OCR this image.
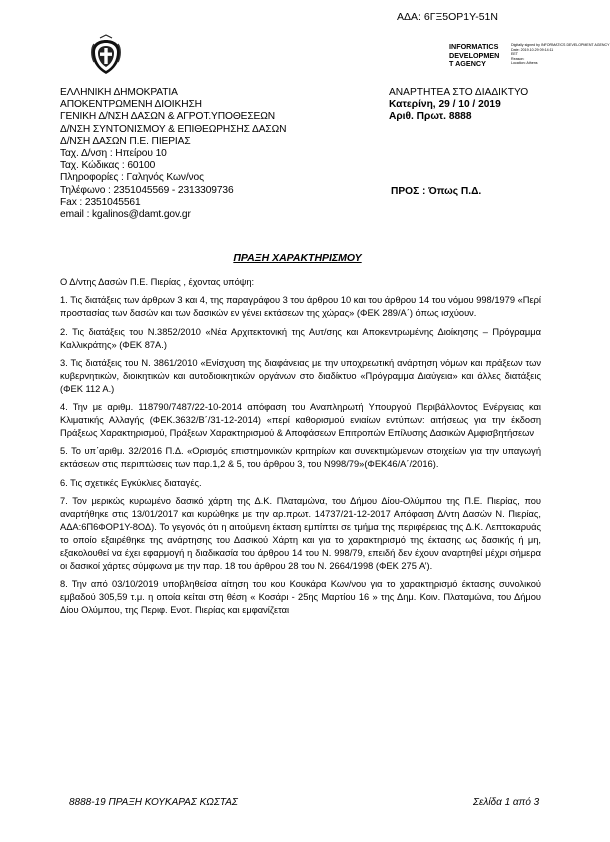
ΑΔΑ: 6ΓΞ5ΟΡ1Υ-51Ν
INFORMATICS
DEVELOPMEN
T AGENCY
Digitally signed by INFORMATICS DEVELOPMENT AGENCY
Date: 2019.10.29 09:14:11
EET
Reason:
Location: Athens
ΕΛΛΗΝΙΚΗ ΔΗΜΟΚΡΑΤΙΑ
ΑΠΟΚΕΝΤΡΩΜΕΝΗ ΔΙΟΙΚΗΣΗ
ΓΕΝΙΚΗ Δ/ΝΣΗ ΔΑΣΩΝ & ΑΓΡΟΤ.ΥΠΟΘΕΣΕΩΝ
Δ/ΝΣΗ ΣΥΝΤΟΝΙΣΜΟΥ & ΕΠΙΘΕΩΡΗΣΗΣ ΔΑΣΩΝ
Δ/ΝΣΗ ΔΑΣΩΝ Π.Ε. ΠΙΕΡΙΑΣ
Ταχ. Δ/νση : Ηπείρου 10
Ταχ. Κώδικας : 60100
Πληροφορίες : Γαληνός Κων/νος
Τηλέφωνο : 2351045569 - 2313309736
Fax : 2351045561
email : kgalinos@damt.gov.gr
ΑΝΑΡΤΗΤΕΑ ΣΤΟ ΔΙΑΔΙΚΤΥΟ
Κατερίνη, 29 / 10 / 2019
Αριθ. Πρωτ. 8888
ΠΡΟΣ : Όπως Π.Δ.
ΠΡΑΞΗ ΧΑΡΑΚΤΗΡΙΣΜΟΥ

Ο Δ/ντης Δασών Π.Ε. Πιερίας , έχοντας υπόψη:

1. Τις διατάξεις των άρθρων 3 και 4, της παραγράφου 3 του άρθρου 10 και του άρθρου 14 του νόμου 998/1979 «Περί προστασίας των δασών και των δασικών εν γένει εκτάσεων της χώρας» (ΦΕΚ 289/Α΄) όπως ισχύουν.

2. Τις διατάξεις του Ν.3852/2010 «Νέα Αρχιτεκτονική της Αυτ/σης και Αποκεντρωμένης Διοίκησης – Πρόγραμμα Καλλικράτης» (ΦΕΚ 87Α.)

3. Τις διατάξεις του Ν. 3861/2010 «Ενίσχυση της διαφάνειας με την υποχρεωτική ανάρτηση νόμων και πράξεων των κυβερνητικών, διοικητικών και αυτοδιοικητικών οργάνων στο διαδίκτυο «Πρόγραμμα Διαύγεια» και άλλες διατάξεις (ΦΕΚ 112 Α.)

4. Την με αριθμ. 118790/7487/22-10-2014 απόφαση του Αναπληρωτή Υπουργού Περιβάλλοντος Ενέργειας και Κλιματικής Αλλαγής (ΦΕΚ.3632/Β΄/31-12-2014) «περί καθορισμού ενιαίων εντύπων: αιτήσεως για την έκδοση Πράξεως Χαρακτηρισμού, Πράξεων Χαρακτηρισμού & Αποφάσεων Επιτροπών Επίλυσης Δασικών Αμφισβητήσεων

5. Το υπ΄αριθμ. 32/2016 Π.Δ. «Ορισμός επιστημονικών κριτηρίων και συνεκτιμώμενων στοιχείων για την υπαγωγή εκτάσεων στις περιπτώσεις των παρ.1,2 & 5, του άρθρου 3, του Ν998/79»(ΦΕΚ46/Α΄/2016).

6. Τις σχετικές Εγκύκλιες διαταγές.

7. Τον μερικώς κυρωμένο δασικό χάρτη της Δ.Κ. Πλαταμώνα, του Δήμου Δίου-Ολύμπου της Π.Ε. Πιερίας, που αναρτήθηκε στις 13/01/2017 και κυρώθηκε με την αρ.πρωτ. 14737/21-12-2017 Απόφαση Δ/ντη Δασών Ν. Πιερίας, ΑΔΑ:6Π6ΦΟΡ1Υ-8ΟΔ). Το γεγονός ότι η αιτούμενη έκταση εμπίπτει σε τμήμα της περιφέρειας της Δ.Κ. Λεπτοκαρυάς το οποίο εξαιρέθηκε της ανάρτησης του Δασικού Χάρτη και για το χαρακτηρισμό της έκτασης ως δασικής ή μη, εξακολουθεί να έχει εφαρμογή η διαδικασία του άρθρου 14 του Ν. 998/79, επειδή δεν έχουν αναρτηθεί μέχρι σήμερα οι δασικοί χάρτες σύμφωνα με την παρ. 18 του άρθρου 28 του Ν. 2664/1998 (ΦΕΚ 275 Α’).

8. Την από 03/10/2019 υποβληθείσα αίτηση του κου Κουκάρα Κων/νου για το χαρακτηρισμό έκτασης συνολικού εμβαδού 305,59 τ.μ. η οποία κείται στη θέση « Κοσάρι - 25ης Μαρτίου 16 » της Δημ. Κοιν. Πλαταμώνα, του Δήμου Δίου Ολύμπου, της Περιφ. Ενοτ. Πιερίας και εμφανίζεται

8888-19 ΠΡΑΞΗ ΚΟΥΚΑΡΑΣ ΚΩΣΤΑΣ	Σελίδα 1 από 3
